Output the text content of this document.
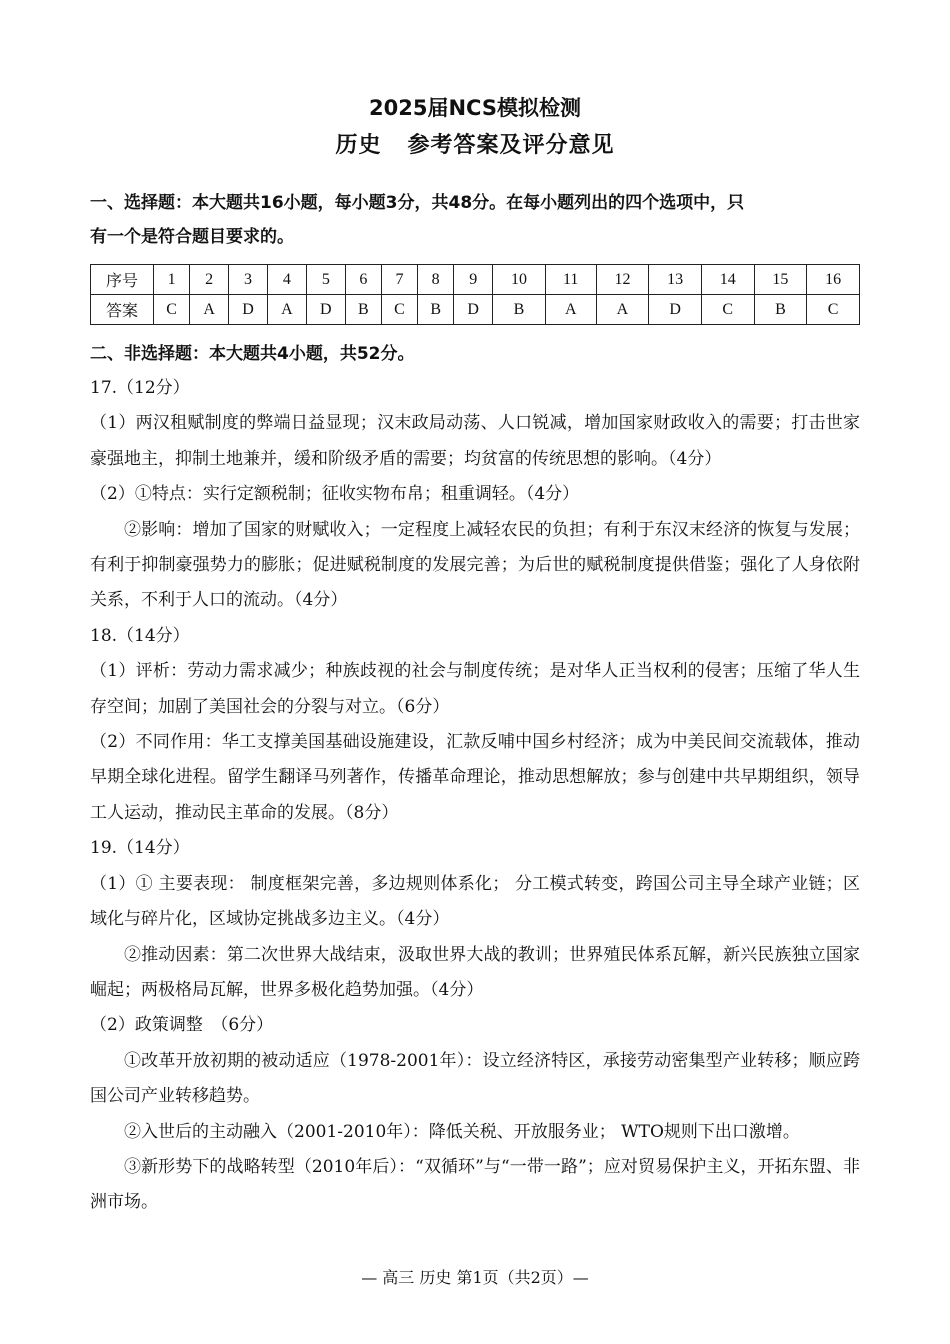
2025届NCS模拟检测
历史 参考答案及评分意见
一、选择题：本大题共16小题，每小题3分，共48分。在每小题列出的四个选项中，只
有一个是符合题目要求的。
序号	1	2	3	4	5	6	7	8	9	10	11	12	13	14	15	16
答案	C	A	D	A	D	B	C	B	D	B	A	A	D	C	B	C
二、非选择题：本大题共4小题，共52分。

17.（12分）

（1）两汉租赋制度的弊端日益显现；汉末政局动荡、人口锐减，增加国家财政收入的需要；打击世家豪强地主，抑制土地兼并，缓和阶级矛盾的需要；均贫富的传统思想的影响。（4分）

（2）①特点：实行定额税制；征收实物布帛；租重调轻。（4分）

②影响：增加了国家的财赋收入；一定程度上减轻农民的负担；有利于东汉末经济的恢复与发展；有利于抑制豪强势力的膨胀；促进赋税制度的发展完善；为后世的赋税制度提供借鉴；强化了人身依附关系，不利于人口的流动。（4分）

18.（14分）

（1）评析：劳动力需求减少；种族歧视的社会与制度传统；是对华人正当权利的侵害；压缩了华人生存空间；加剧了美国社会的分裂与对立。（6分）

（2）不同作用：华工支撑美国基础设施建设，汇款反哺中国乡村经济；成为中美民间交流载体，推动早期全球化进程。留学生翻译马列著作，传播革命理论，推动思想解放；参与创建中共早期组织，领导工人运动，推动民主革命的发展。（8分）

19.（14分）

（1）① 主要表现： 制度框架完善，多边规则体系化； 分工模式转变，跨国公司主导全球产业链；区域化与碎片化，区域协定挑战多边主义。（4分）

②推动因素：第二次世界大战结束，汲取世界大战的教训；世界殖民体系瓦解，新兴民族独立国家崛起；两极格局瓦解，世界多极化趋势加强。（4分）

（2）政策调整　（6分）

①改革开放初期的被动适应（1978-2001年）：设立经济特区，承接劳动密集型产业转移；顺应跨国公司产业转移趋势。

②入世后的主动融入（2001-2010年）：降低关税、开放服务业； WTO规则下出口激增。

③新形势下的战略转型（2010年后）：“双循环”与“一带一路”；应对贸易保护主义，开拓东盟、非洲市场。

— 高三 历史 第1页（共2页）—
